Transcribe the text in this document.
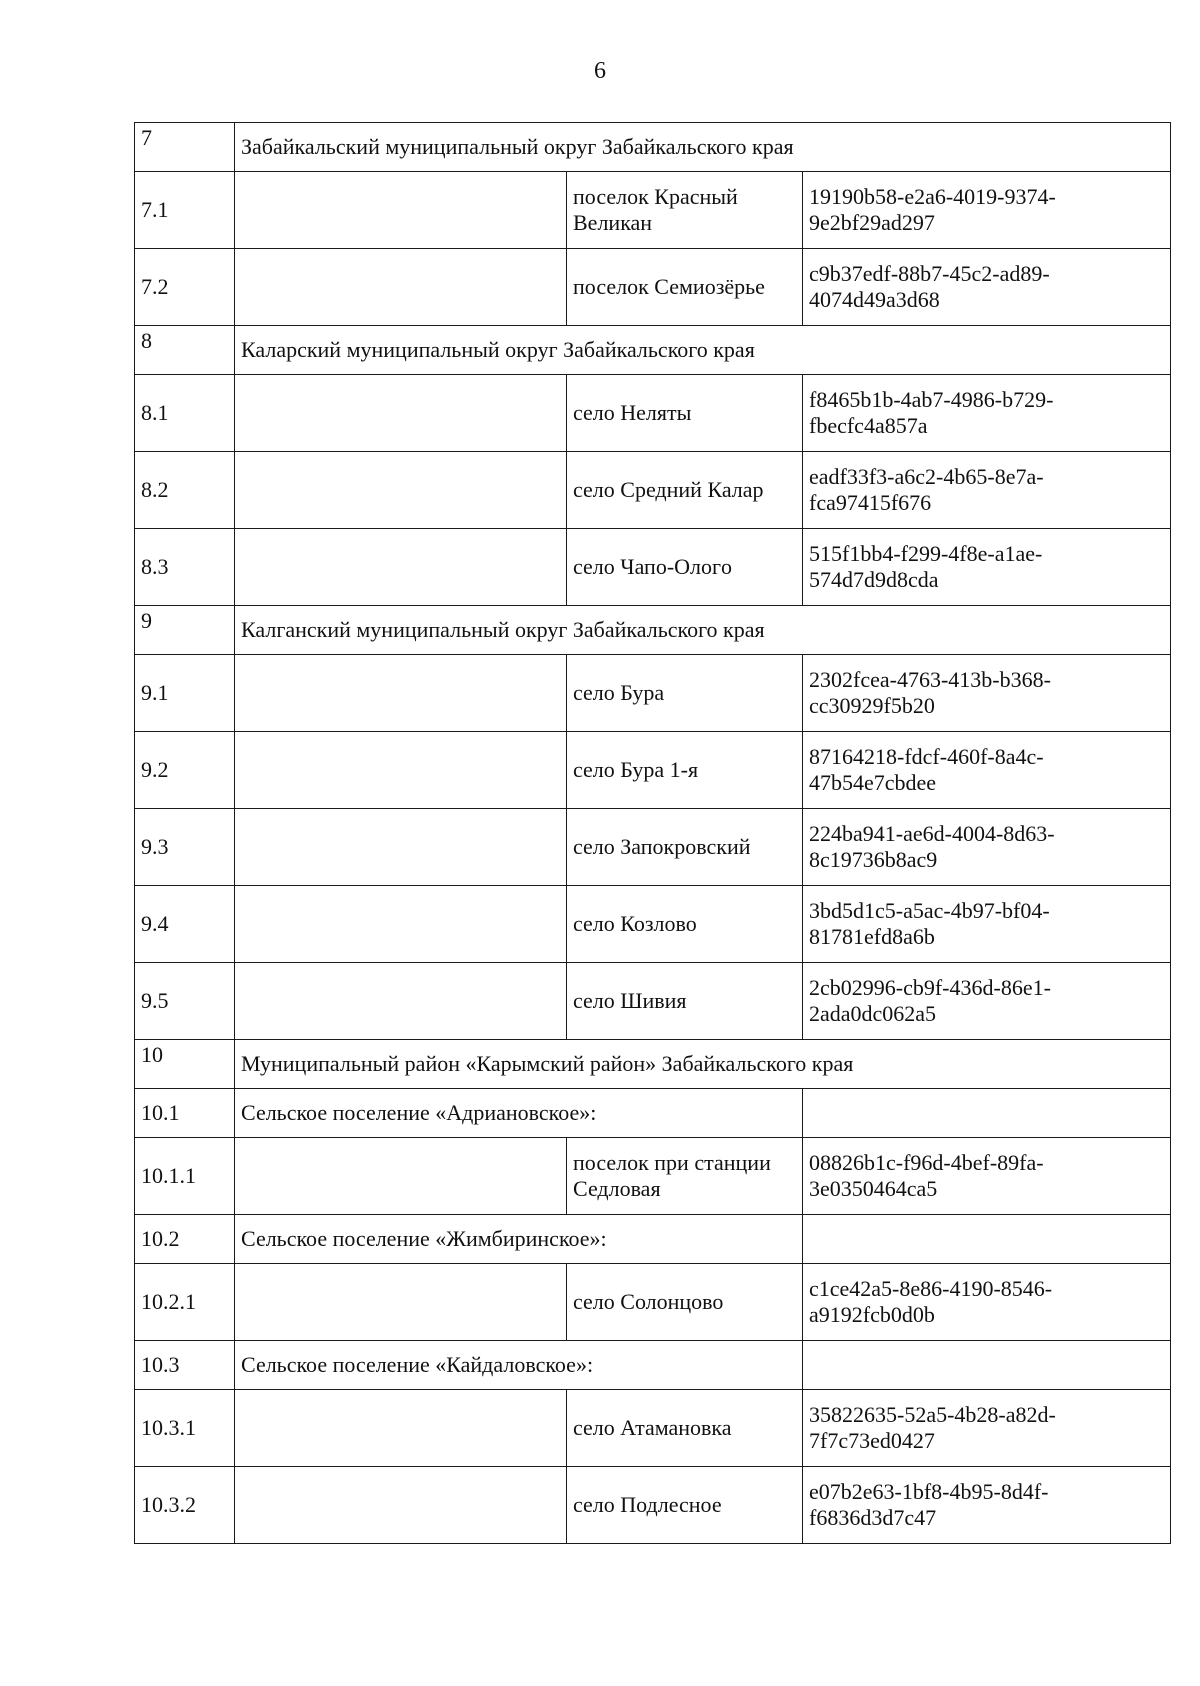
6
7	Забайкальский муниципальный округ Забайкальского края		
7.1		поселок Красный Великан	19190b58-e2a6-4019-9374-9e2bf29ad297
7.2		поселок Семиозёрье	c9b37edf-88b7-45c2-ad89-4074d49a3d68
8	Каларский муниципальный округ Забайкальского края		
8.1		село Неляты	f8465b1b-4ab7-4986-b729-fbecfc4a857a
8.2		село Средний Калар	eadf33f3-a6c2-4b65-8e7a-fca97415f676
8.3		село Чапо-Ологo	515f1bb4-f299-4f8e-a1ae-574d7d9d8cda
9	Калганский муниципальный округ Забайкальского края		
9.1		село Бура	2302fcea-4763-413b-b368-cc30929f5b20
9.2		село Бура 1-я	87164218-fdcf-460f-8a4c-47b54e7cbdee
9.3		село Запокровский	224ba941-ae6d-4004-8d63-8c19736b8ac9
9.4		село Козлово	3bd5d1c5-a5ac-4b97-bf04-81781efd8a6b
9.5		село Шивия	2cb02996-cb9f-436d-86e1-2ada0dc062a5
10	Муниципальный район «Карымский район» Забайкальского края		
10.1	Сельское поселение «Адриановское»:		
10.1.1		поселок при станции Седловая	08826b1c-f96d-4bef-89fa-3e0350464ca5
10.2	Сельское поселение «Жимбиринское»:		
10.2.1		село Солонцово	c1ce42a5-8e86-4190-8546-a9192fcb0d0b
10.3	Сельское поселение «Кайдаловское»:		
10.3.1		село Атамановка	35822635-52a5-4b28-a82d-7f7c73ed0427
10.3.2		село Подлесное	e07b2e63-1bf8-4b95-8d4f-f6836d3d7c47
